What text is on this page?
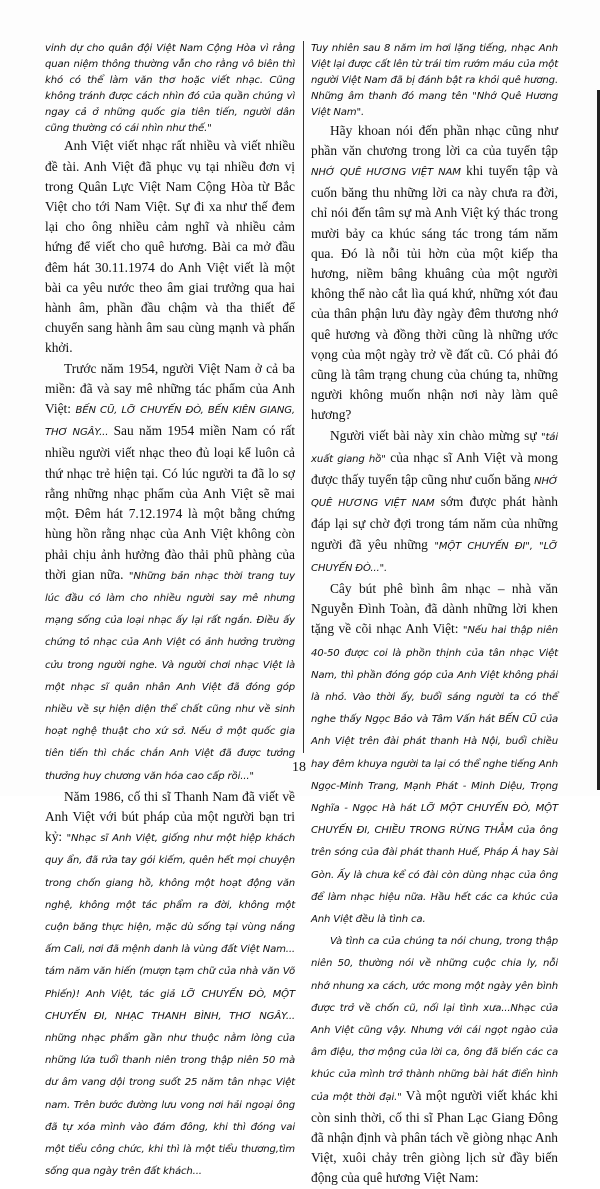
vinh dự cho quân đội Việt Nam Cộng Hòa vì rằng quan niệm thông thường vẫn cho rằng vô biên thì khó có thể làm văn thơ hoặc viết nhạc. Cũng không tránh được cách nhìn đó của quần chúng vì ngay cả ở những quốc gia tiên tiến, người dân cũng thường có cái nhìn như thế."

Anh Việt viết nhạc rất nhiều và viết nhiều đề tài. Anh Việt đã phục vụ tại nhiều đơn vị trong Quân Lực Việt Nam Cộng Hòa từ Bắc Việt cho tới Nam Việt. Sự đi xa như thế đem lại cho ông nhiều cảm nghĩ và nhiều cảm hứng để viết cho quê hương. Bài ca mở đầu đêm hát 30.11.1974 do Anh Việt viết là một bài ca yêu nước theo âm giai trưởng qua hai hành âm, phần đầu chậm và tha thiết để chuyển sang hành âm sau cùng mạnh và phấn khởi.

Trước năm 1954, người Việt Nam ở cả ba miền: đã và say mê những tác phẩm của Anh Việt: BẾN CŨ, LỠ CHUYẾN ĐÒ, BẾN KIÊN GIANG, THƠ NGÂY... Sau năm 1954 miền Nam có rất nhiều người viết nhạc theo đủ loại kể luôn cả thứ nhạc trẻ hiện tại. Có lúc người ta đã lo sợ rằng những nhạc phẩm của Anh Việt sẽ mai một. Đêm hát 7.12.1974 là một bằng chứng hùng hồn rằng nhạc của Anh Việt không còn phải chịu ảnh hưởng đào thải phũ phàng của thời gian nữa. "Những bản nhạc thời trang tuy lúc đầu có làm cho nhiều người say mê nhưng mạng sống của loại nhạc ấy lại rất ngắn. Điều ấy chứng tỏ nhạc của Anh Việt có ảnh hưởng trường cửu trong người nghe. Và người chơi nhạc Việt là một nhạc sĩ quân nhân Anh Việt đã đóng góp nhiều về sự hiện diện thể chất cũng như về sinh hoạt nghệ thuật cho xứ sở. Nếu ở một quốc gia tiên tiến thì chắc chắn Anh Việt đã được tưởng thưởng huy chương văn hóa cao cấp rồi..."

Năm 1986, cố thi sĩ Thanh Nam đã viết về Anh Việt với bút pháp của một người bạn tri kỷ: "Nhạc sĩ Anh Việt, giống như một hiệp khách quy ẩn, đã rửa tay gói kiếm, quên hết mọi chuyện trong chốn giang hồ, không một hoạt động văn nghệ, không một tác phẩm ra đời, không một cuộn băng thực hiện, mặc dù sống tại vùng nắng ấm Cali, nơi đã mệnh danh là vùng đất Việt Nam... tám năm văn hiến (mượn tạm chữ của nhà văn Võ Phiến)! Anh Việt, tác giả LỠ CHUYẾN ĐÒ, MỘT CHUYẾN ĐI, NHẠC THANH BÌNH, THƠ NGÂY... những nhạc phẩm gần như thuộc nằm lòng của những lứa tuổi thanh niên trong thập niên 50 mà dư âm vang dội trong suốt 25 năm tân nhạc Việt nam. Trên bước đường lưu vong nơi hải ngoại ông đã tự xóa mình vào đám đông, khi thì đóng vai một tiểu công chức, khi thì là một tiểu thương,tìm sống qua ngày trên đất khách...

Tuy nhiên sau 8 năm im hơi lặng tiếng, nhạc Anh Việt lại được cất lên từ trái tim rướm máu của một người Việt Nam đã bị đánh bật ra khỏi quê hương. Những âm thanh đó mang tên "Nhớ Quê Hương Việt Nam".

Hãy khoan nói đến phần nhạc cũng như phần văn chương trong lời ca của tuyển tập NHỚ QUÊ HƯƠNG VIỆT NAM khi tuyển tập và cuốn băng thu những lời ca này chưa ra đời, chỉ nói đến tâm sự mà Anh Việt ký thác trong mười bảy ca khúc sáng tác trong tám năm qua. Đó là nỗi tủi hờn của một kiếp tha hương, niềm bâng khuâng của một người không thể nào cắt lìa quá khứ, những xót đau của thân phận lưu đày ngày đêm thương nhớ quê hương và đồng thời cũng là những ước vọng của một ngày trở về đất cũ. Có phải đó cũng là tâm trạng chung của chúng ta, những người không muốn nhận nơi này làm quê hương?

Người viết bài này xin chào mừng sự "tái xuất giang hồ" của nhạc sĩ Anh Việt và mong được thấy tuyển tập cũng như cuốn băng NHỚ QUÊ HƯƠNG VIỆT NAM sớm được phát hành đáp lại sự chờ đợi trong tám năm của những người đã yêu những "MỘT CHUYẾN ĐI", "LỠ CHUYẾN ĐÒ...".

Cây bút phê bình âm nhạc – nhà văn Nguyễn Đình Toàn, đã dành những lời khen tặng về cõi nhạc Anh Việt: "Nếu hai thập niên 40-50 được coi là phồn thịnh của tân nhạc Việt Nam, thì phần đóng góp của Anh Việt không phải là nhỏ. Vào thời ấy, buổi sáng người ta có thể nghe thấy Ngọc Bảo và Tâm Vấn hát BẾN CŨ của Anh Việt trên đài phát thanh Hà Nội, buổi chiều hay đêm khuya người ta lại có thể nghe tiếng Anh Ngọc-Minh Trang, Mạnh Phát - Minh Diệu, Trọng Nghĩa - Ngọc Hà hát LỠ MỘT CHUYẾN ĐÒ, MỘT CHUYẾN ĐI, CHIỀU TRONG RỪNG THẲM của ông trên sóng của đài phát thanh Huế, Pháp Á hay Sài Gòn. Ấy là chưa kể có đài còn dùng nhạc của ông để làm nhạc hiệu nữa. Hầu hết các ca khúc của Anh Việt đều là tình ca.

Và tình ca của chúng ta nói chung, trong thập niên 50, thường nói về những cuộc chia ly, nỗi nhớ nhung xa cách, ước mong một ngày yên bình được trở về chốn cũ, nối lại tình xưa...Nhạc của Anh Việt cũng vậy. Nhưng với cái ngọt ngào của âm điệu, thơ mộng của lời ca, ông đã biến các ca khúc của mình trở thành những bài hát điển hình của một thời đại." Và một người viết khác khi còn sinh thời, cố thi sĩ Phan Lạc Giang Đông đã nhận định và phân tách về giòng nhạc Anh Việt, xuôi chảy trên giòng lịch sử đầy biến động của quê hương Việt Nam:

18
